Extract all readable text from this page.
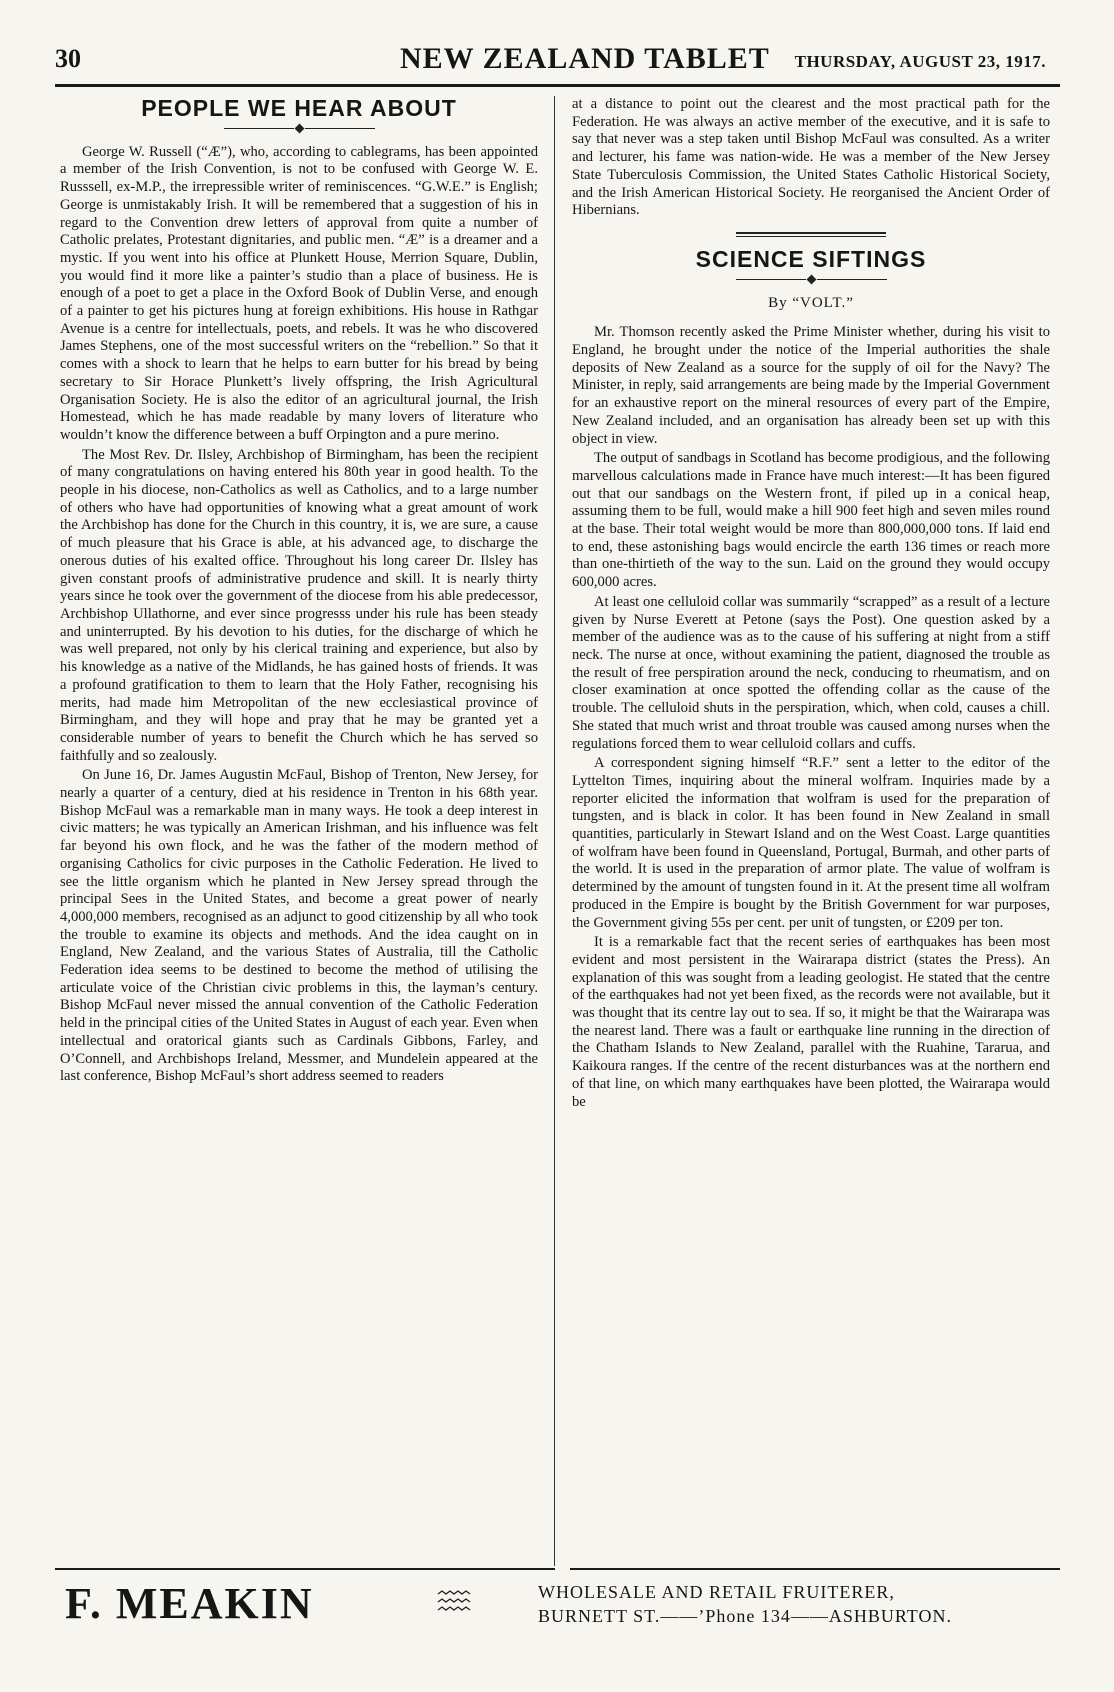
30	NEW ZEALAND TABLET THURSDAY, AUGUST 23, 1917.
PEOPLE WE HEAR ABOUT

George W. Russell (“Æ”), who, according to cablegrams, has been appointed a member of the Irish Convention, is not to be confused with George W. E. Russsell, ex-M.P., the irrepressible writer of reminiscences. “G.W.E.” is English; George is unmistakably Irish. It will be remembered that a suggestion of his in regard to the Convention drew letters of approval from quite a number of Catholic prelates, Protestant dignitaries, and public men. “Æ” is a dreamer and a mystic. If you went into his office at Plunkett House, Merrion Square, Dublin, you would find it more like a painter’s studio than a place of business. He is enough of a poet to get a place in the Oxford Book of Dublin Verse, and enough of a painter to get his pictures hung at foreign exhibitions. His house in Rathgar Avenue is a centre for intellectuals, poets, and rebels. It was he who discovered James Stephens, one of the most successful writers on the “rebellion.” So that it comes with a shock to learn that he helps to earn butter for his bread by being secretary to Sir Horace Plunkett’s lively offspring, the Irish Agricultural Organisation Society. He is also the editor of an agricultural journal, the Irish Homestead, which he has made readable by many lovers of literature who wouldn’t know the difference between a buff Orpington and a pure merino.

The Most Rev. Dr. Ilsley, Archbishop of Birmingham, has been the recipient of many congratulations on having entered his 80th year in good health. To the people in his diocese, non-Catholics as well as Catholics, and to a large number of others who have had opportunities of knowing what a great amount of work the Archbishop has done for the Church in this country, it is, we are sure, a cause of much pleasure that his Grace is able, at his advanced age, to discharge the onerous duties of his exalted office. Throughout his long career Dr. Ilsley has given constant proofs of administrative prudence and skill. It is nearly thirty years since he took over the government of the diocese from his able predecessor, Archbishop Ullathorne, and ever since progresss under his rule has been steady and uninterrupted. By his devotion to his duties, for the discharge of which he was well prepared, not only by his clerical training and experience, but also by his knowledge as a native of the Midlands, he has gained hosts of friends. It was a profound gratification to them to learn that the Holy Father, recognising his merits, had made him Metropolitan of the new ecclesiastical province of Birmingham, and they will hope and pray that he may be granted yet a considerable number of years to benefit the Church which he has served so faithfully and so zealously.

On June 16, Dr. James Augustin McFaul, Bishop of Trenton, New Jersey, for nearly a quarter of a century, died at his residence in Trenton in his 68th year. Bishop McFaul was a remarkable man in many ways. He took a deep interest in civic matters; he was typically an American Irishman, and his influence was felt far beyond his own flock, and he was the father of the modern method of organising Catholics for civic purposes in the Catholic Federation. He lived to see the little organism which he planted in New Jersey spread through the principal Sees in the United States, and become a great power of nearly 4,000,000 members, recognised as an adjunct to good citizenship by all who took the trouble to examine its objects and methods. And the idea caught on in England, New Zealand, and the various States of Australia, till the Catholic Federation idea seems to be destined to become the method of utilising the articulate voice of the Christian civic problems in this, the layman’s century. Bishop McFaul never missed the annual convention of the Catholic Federation held in the principal cities of the United States in August of each year. Even when intellectual and oratorical giants such as Cardinals Gibbons, Farley, and O’Connell, and Archbishops Ireland, Messmer, and Mundelein appeared at the last conference, Bishop McFaul’s short address seemed to readers

at a distance to point out the clearest and the most practical path for the Federation. He was always an active member of the executive, and it is safe to say that never was a step taken until Bishop McFaul was consulted. As a writer and lecturer, his fame was nation-wide. He was a member of the New Jersey State Tuberculosis Commission, the United States Catholic Historical Society, and the Irish American Historical Society. He reorganised the Ancient Order of Hibernians.

SCIENCE SIFTINGS
By “VOLT.”

Mr. Thomson recently asked the Prime Minister whether, during his visit to England, he brought under the notice of the Imperial authorities the shale deposits of New Zealand as a source for the supply of oil for the Navy? The Minister, in reply, said arrangements are being made by the Imperial Government for an exhaustive report on the mineral resources of every part of the Empire, New Zealand included, and an organisation has already been set up with this object in view.

The output of sandbags in Scotland has become prodigious, and the following marvellous calculations made in France have much interest:—It has been figured out that our sandbags on the Western front, if piled up in a conical heap, assuming them to be full, would make a hill 900 feet high and seven miles round at the base. Their total weight would be more than 800,000,000 tons. If laid end to end, these astonishing bags would encircle the earth 136 times or reach more than one-thirtieth of the way to the sun. Laid on the ground they would occupy 600,000 acres.

At least one celluloid collar was summarily “scrapped” as a result of a lecture given by Nurse Everett at Petone (says the Post). One question asked by a member of the audience was as to the cause of his suffering at night from a stiff neck. The nurse at once, without examining the patient, diagnosed the trouble as the result of free perspiration around the neck, conducing to rheumatism, and on closer examination at once spotted the offending collar as the cause of the trouble. The celluloid shuts in the perspiration, which, when cold, causes a chill. She stated that much wrist and throat trouble was caused among nurses when the regulations forced them to wear celluloid collars and cuffs.

A correspondent signing himself “R.F.” sent a letter to the editor of the Lyttelton Times, inquiring about the mineral wolfram. Inquiries made by a reporter elicited the information that wolfram is used for the preparation of tungsten, and is black in color. It has been found in New Zealand in small quantities, particularly in Stewart Island and on the West Coast. Large quantities of wolfram have been found in Queensland, Portugal, Burmah, and other parts of the world. It is used in the preparation of armor plate. The value of wolfram is determined by the amount of tungsten found in it. At the present time all wolfram produced in the Empire is bought by the British Government for war purposes, the Government giving 55s per cent. per unit of tungsten, or £209 per ton.

It is a remarkable fact that the recent series of earthquakes has been most evident and most persistent in the Wairarapa district (states the Press). An explanation of this was sought from a leading geologist. He stated that the centre of the earthquakes had not yet been fixed, as the records were not available, but it was thought that its centre lay out to sea. If so, it might be that the Wairarapa was the nearest land. There was a fault or earthquake line running in the direction of the Chatham Islands to New Zealand, parallel with the Ruahine, Tararua, and Kaikoura ranges. If the centre of the recent disturbances was at the northern end of that line, on which many earthquakes have been plotted, the Wairarapa would be

F. MEAKIN	WHOLESALE AND RETAIL FRUITERER,
BURNETT ST.——’Phone 134——ASHBURTON.
